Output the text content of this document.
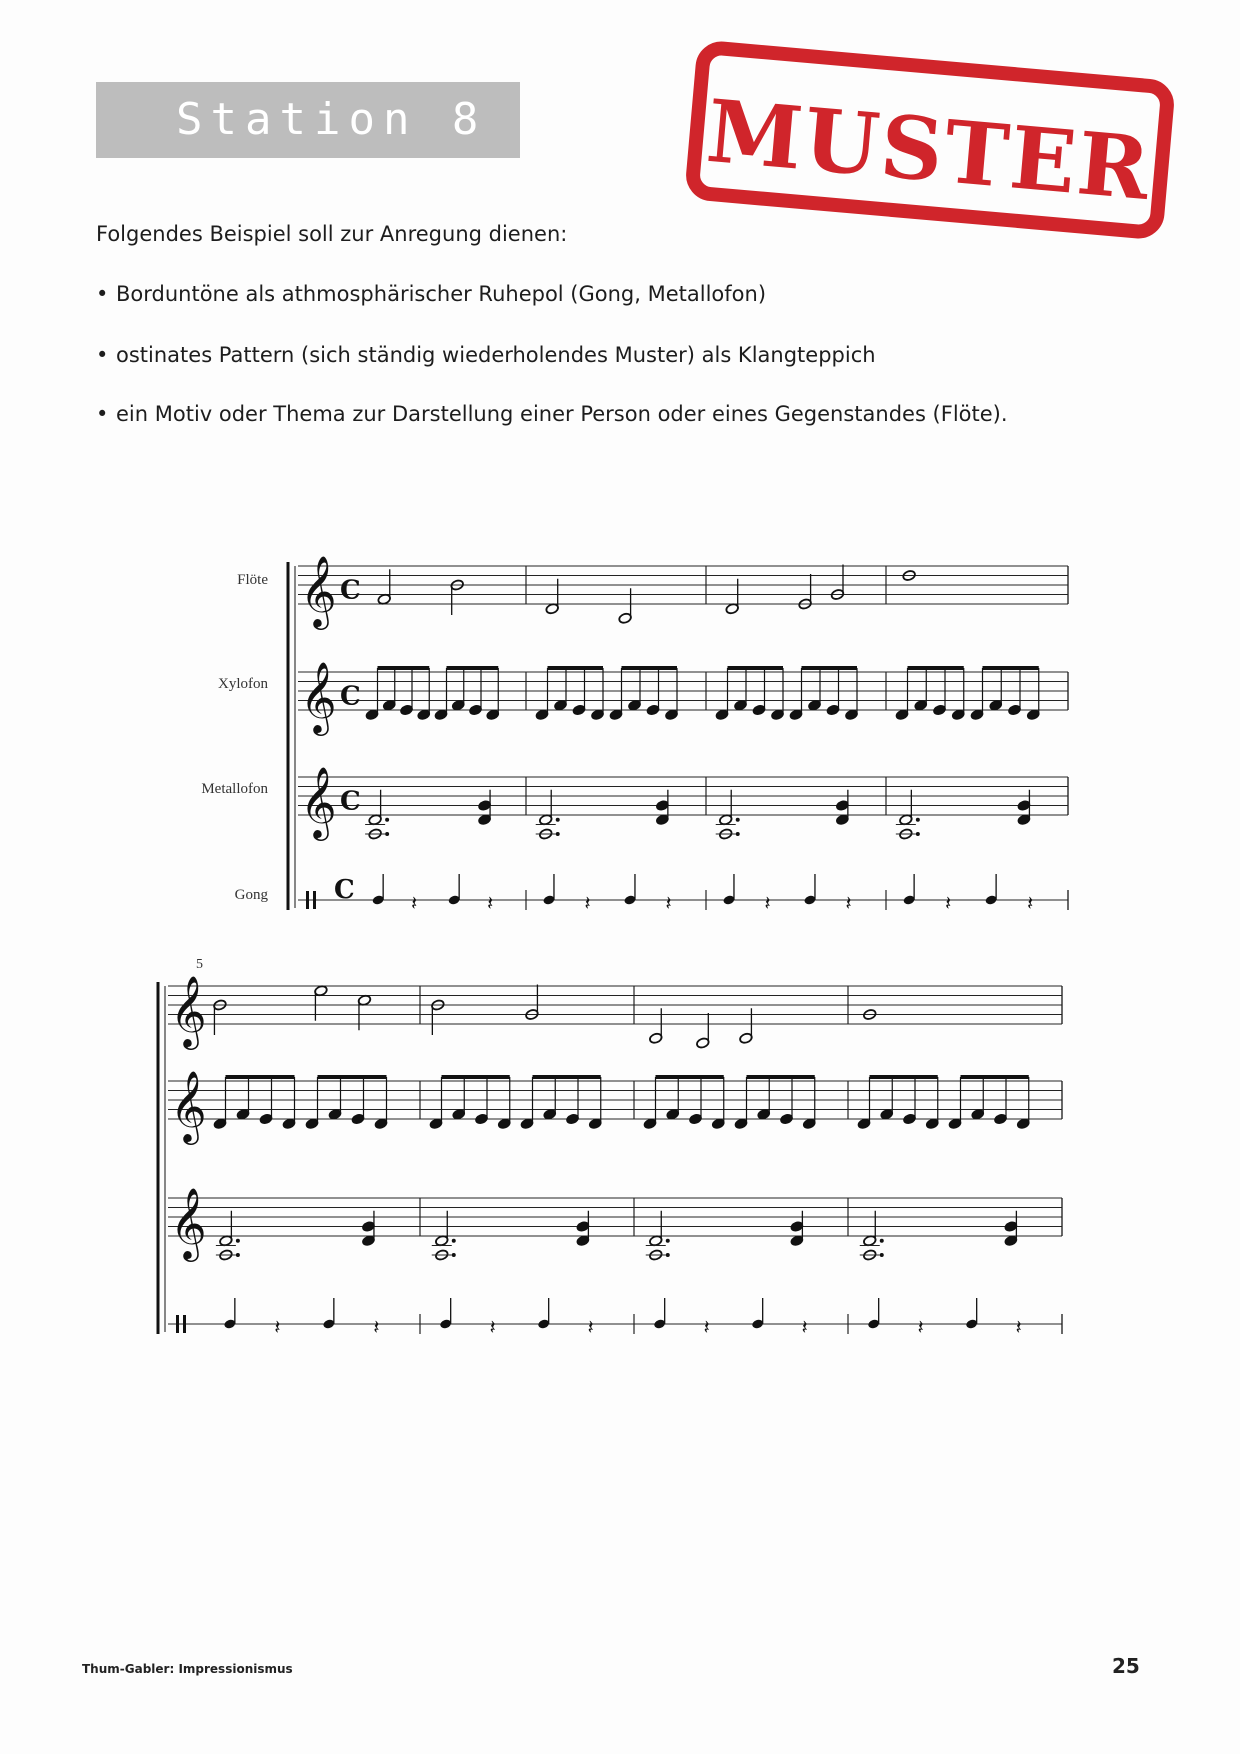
Station 8	MUSTER
Folgendes Beispiel soll zur Anregung dienen:
• Borduntöne als athmosphärischer Ruhepol (Gong, Metallofon)
• ostinates Pattern (sich ständig wiederholendes Muster) als Klangteppich
• ein Motiv oder Thema zur Darstellung einer Person oder eines Gegenstandes (Flöte).
Flöte
Xylofon
Metallofon
Gong
𝄞
𝄞
𝄞
C
C
C
C	𝄽	𝄽	𝄽	𝄽	𝄽	𝄽	𝄽	𝄽
𝄞
𝄞
𝄞
5
𝄽	𝄽	𝄽	𝄽	𝄽	𝄽	𝄽	𝄽
Thum-Gabler: Impressionismus	25
